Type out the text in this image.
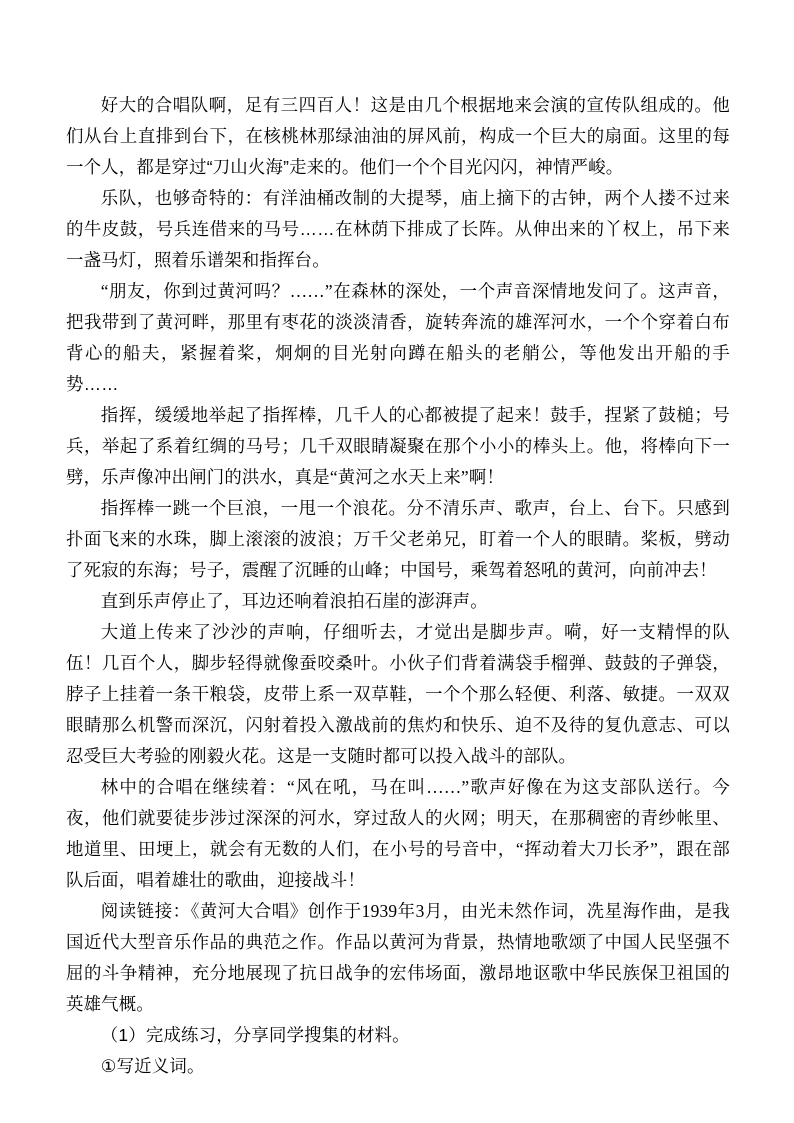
好大的合唱队啊，足有三四百人！这是由几个根据地来会演的宣传队组成的。他们从台上直排到台下，在核桃林那绿油油的屏风前，构成一个巨大的扇面。这里的每一个人，都是穿过“刀山火海”走来的。他们一个个目光闪闪，神情严峻。

乐队，也够奇特的：有洋油桶改制的大提琴，庙上摘下的古钟，两个人搂不过来的牛皮鼓，号兵连借来的马号……在林荫下排成了长阵。从伸出来的丫权上，吊下来一盏马灯，照着乐谱架和指挥台。

“朋友，你到过黄河吗？……”在森林的深处，一个声音深情地发问了。这声音，把我带到了黄河畔，那里有枣花的淡淡清香，旋转奔流的雄浑河水，一个个穿着白布背心的船夫，紧握着桨，炯炯的目光射向蹲在船头的老艄公，等他发出开船的手势……

指挥，缓缓地举起了指挥棒，几千人的心都被提了起来！鼓手，捏紧了鼓槌；号兵，举起了系着红绸的马号；几千双眼睛凝聚在那个小小的棒头上。他，将棒向下一劈，乐声像冲出闸门的洪水，真是“黄河之水天上来”啊！

指挥棒一跳一个巨浪，一甩一个浪花。分不清乐声、歌声，台上、台下。只感到扑面飞来的水珠，脚上滚滚的波浪；万千父老弟兄，盯着一个人的眼睛。桨板，劈动了死寂的东海；号子，震醒了沉睡的山峰；中国号，乘驾着怒吼的黄河，向前冲去！

直到乐声停止了，耳边还响着浪拍石崖的澎湃声。

大道上传来了沙沙的声响，仔细听去，才觉出是脚步声。嗬，好一支精悍的队伍！几百个人，脚步轻得就像蚕咬桑叶。小伙子们背着满袋手榴弹、鼓鼓的子弹袋，脖子上挂着一条干粮袋，皮带上系一双草鞋，一个个那么轻便、利落、敏捷。一双双眼睛那么机警而深沉，闪射着投入激战前的焦灼和快乐、迫不及待的复仇意志、可以忍受巨大考验的刚毅火花。这是一支随时都可以投入战斗的部队。

林中的合唱在继续着：“风在吼，马在叫……”歌声好像在为这支部队送行。今夜，他们就要徒步涉过深深的河水，穿过敌人的火网；明天，在那稠密的青纱帐里、地道里、田埂上，就会有无数的人们，在小号的号音中，“挥动着大刀长矛”，跟在部队后面，唱着雄壮的歌曲，迎接战斗！

阅读链接：《黄河大合唱》创作于1939年3月，由光未然作词，冼星海作曲，是我国近代大型音乐作品的典范之作。作品以黄河为背景，热情地歌颂了中国人民坚强不屈的斗争精神，充分地展现了抗日战争的宏伟场面，激昂地讴歌中华民族保卫祖国的英雄气概。

（1）完成练习，分享同学搜集的材料。

①写近义词。
